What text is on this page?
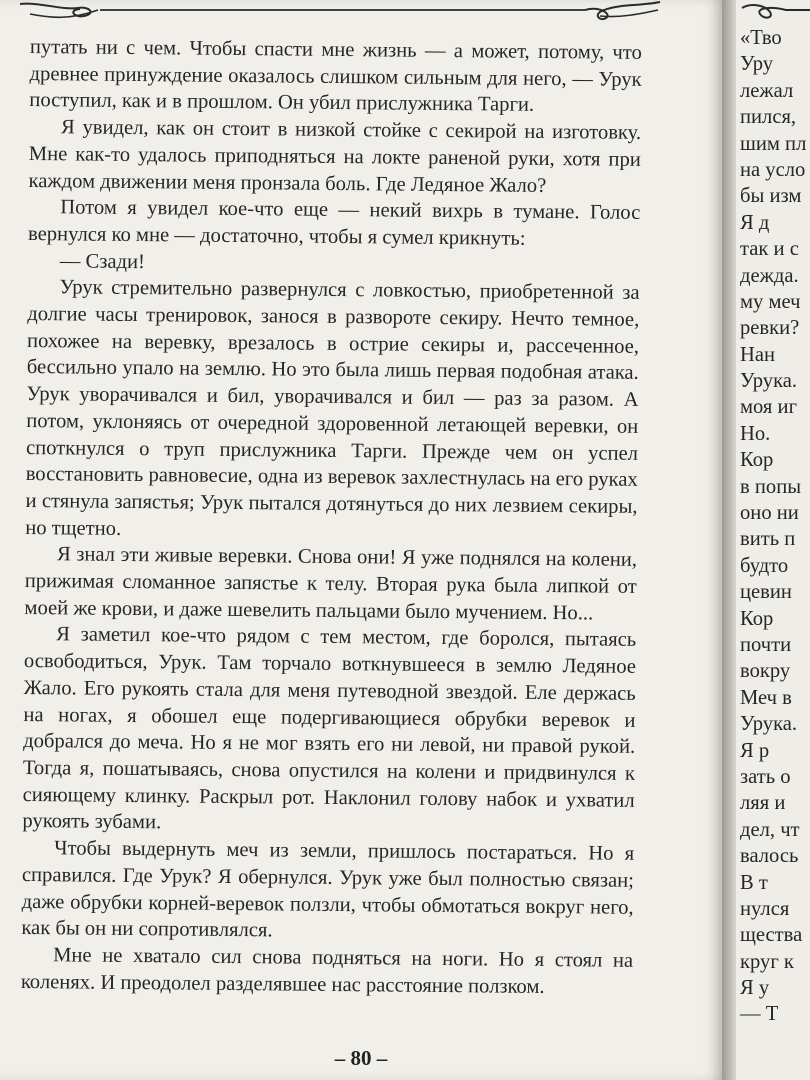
путать ни с чем. Чтобы спасти мне жизнь — а может, потому, что древнее принуждение оказалось слишком сильным для него, — Урук поступил, как и в прошлом. Он убил прислужника Тарги.

Я увидел, как он стоит в низкой стойке с секирой на изготовку. Мне как-то удалось приподняться на локте раненой руки, хотя при каждом движении меня пронзала боль. Где Ледяное Жало?

Потом я увидел кое-что еще — некий вихрь в тумане. Голос вернулся ко мне — достаточно, чтобы я сумел крикнуть:

— Сзади!

Урук стремительно развернулся с ловкостью, приобретенной за долгие часы тренировок, занося в развороте секиру. Нечто темное, похожее на веревку, врезалось в острие секиры и, рассеченное, бессильно упало на землю. Но это была лишь первая подобная атака. Урук уворачивался и бил, уворачивался и бил — раз за разом. А потом, уклоняясь от очередной здоровенной летающей веревки, он споткнулся о труп прислужника Тарги. Прежде чем он успел восстановить равновесие, одна из веревок захлестнулась на его руках и стянула запястья; Урук пытался дотянуться до них лезвием секиры, но тщетно.

Я знал эти живые веревки. Снова они! Я уже поднялся на колени, прижимая сломанное запястье к телу. Вторая рука была липкой от моей же крови, и даже шевелить пальцами было мучением. Но...

Я заметил кое-что рядом с тем местом, где боролся, пытаясь освободиться, Урук. Там торчало воткнувшееся в землю Ледяное Жало. Его рукоять стала для меня путеводной звездой. Еле держась на ногах, я обошел еще подергивающиеся обрубки веревок и добрался до меча. Но я не мог взять его ни левой, ни правой рукой. Тогда я, пошатываясь, снова опустился на колени и придвинулся к сияющему клинку. Раскрыл рот. Наклонил голову набок и ухватил рукоять зубами.

Чтобы выдернуть меч из земли, пришлось постараться. Но я справился. Где Урук? Я обернулся. Урук уже был полностью связан; даже обрубки корней-веревок ползли, чтобы обмотаться вокруг него, как бы он ни сопротивлялся.

Мне не хватало сил снова подняться на ноги. Но я стоял на коленях. И преодолел разделявшее нас расстояние ползком.

– 80 –
«Тво
Уру
лежал
пился,
шим пл
на усло
бы изм
Я д
так и с
дежда.
му меч
ревки?
Нан
Урука.
моя иг
Но.
Кор
в попы
оно ни
вить п
будто
цевин
Кор
почти
вокру
Меч в
Урука.
Я р
зать о
ляя и
дел, чт
валось
В т
нулся
щества
круг к
Я у
— Т
